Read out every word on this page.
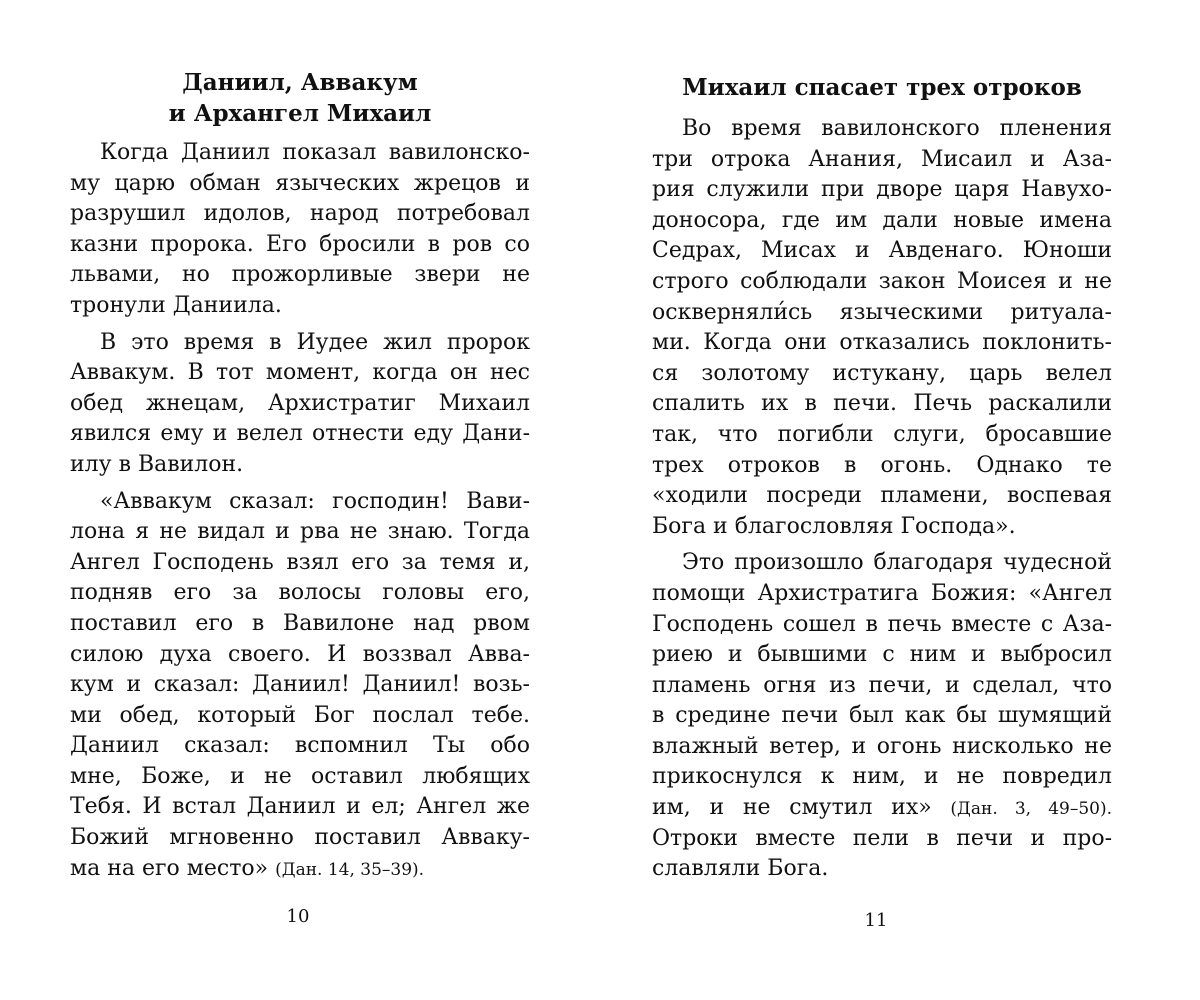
Даниил, Аввакум
и Архангел Михаил
Когда Даниил показал вавилонско-
му царю обман языческих жрецов и
разрушил идолов, народ потребовал
казни пророка. Его бросили в ров со
львами, но прожорливые звери не
тронули Даниила.
В это время в Иудее жил пророк
Аввакум. В тот момент, когда он нес
обед жнецам, Архистратиг Михаил
явился ему и велел отнести еду Дани-
илу в Вавилон.
«Аввакум сказал: господин! Вави-
лона я не видал и рва не знаю. Тогда
Ангел Господень взял его за темя и,
подняв его за волосы головы его,
поставил его в Вавилоне над рвом
силою духа своего. И воззвал Авва-
кум и сказал: Даниил! Даниил! возь-
ми обед, который Бог послал тебе.
Даниил сказал: вспомнил Ты обо
мне, Боже, и не оставил любящих
Тебя. И встал Даниил и ел; Ангел же
Божий мгновенно поставил Аввaку-
ма на его место» (Дан. 14, 35–39).
10
Михаил спасает трех отроков
Во время вавилонского пленения
три отрока Анания, Мисаил и Аза-
рия служили при дворе царя Навухо-
доносора, где им дали новые имена
Седрах, Мисах и Авденаго. Юноши
строго соблюдали закон Моисея и не
оскверняли́сь языческими ритуала-
ми. Когда они отказались поклонить-
ся золотому истукану, царь велел
спалить их в печи. Печь раскалили
так, что погибли слуги, бросавшие
трех отроков в огонь. Однако те
«ходили посреди пламени, воспевая
Бога и благословляя Господа».
Это произошло благодаря чудесной
помощи Архистратига Божия: «Ангел
Господень сошел в печь вместе с Аза-
риею и бывшими с ним и выбросил
пламень огня из печи, и сделал, что
в средине печи был как бы шумящий
влажный ветер, и огонь нисколько не
прикоснулся к ним, и не повредил
им, и не смутил их» (Дан. 3, 49–50).
Отроки вместе пели в печи и про-
славляли Бога.
11
